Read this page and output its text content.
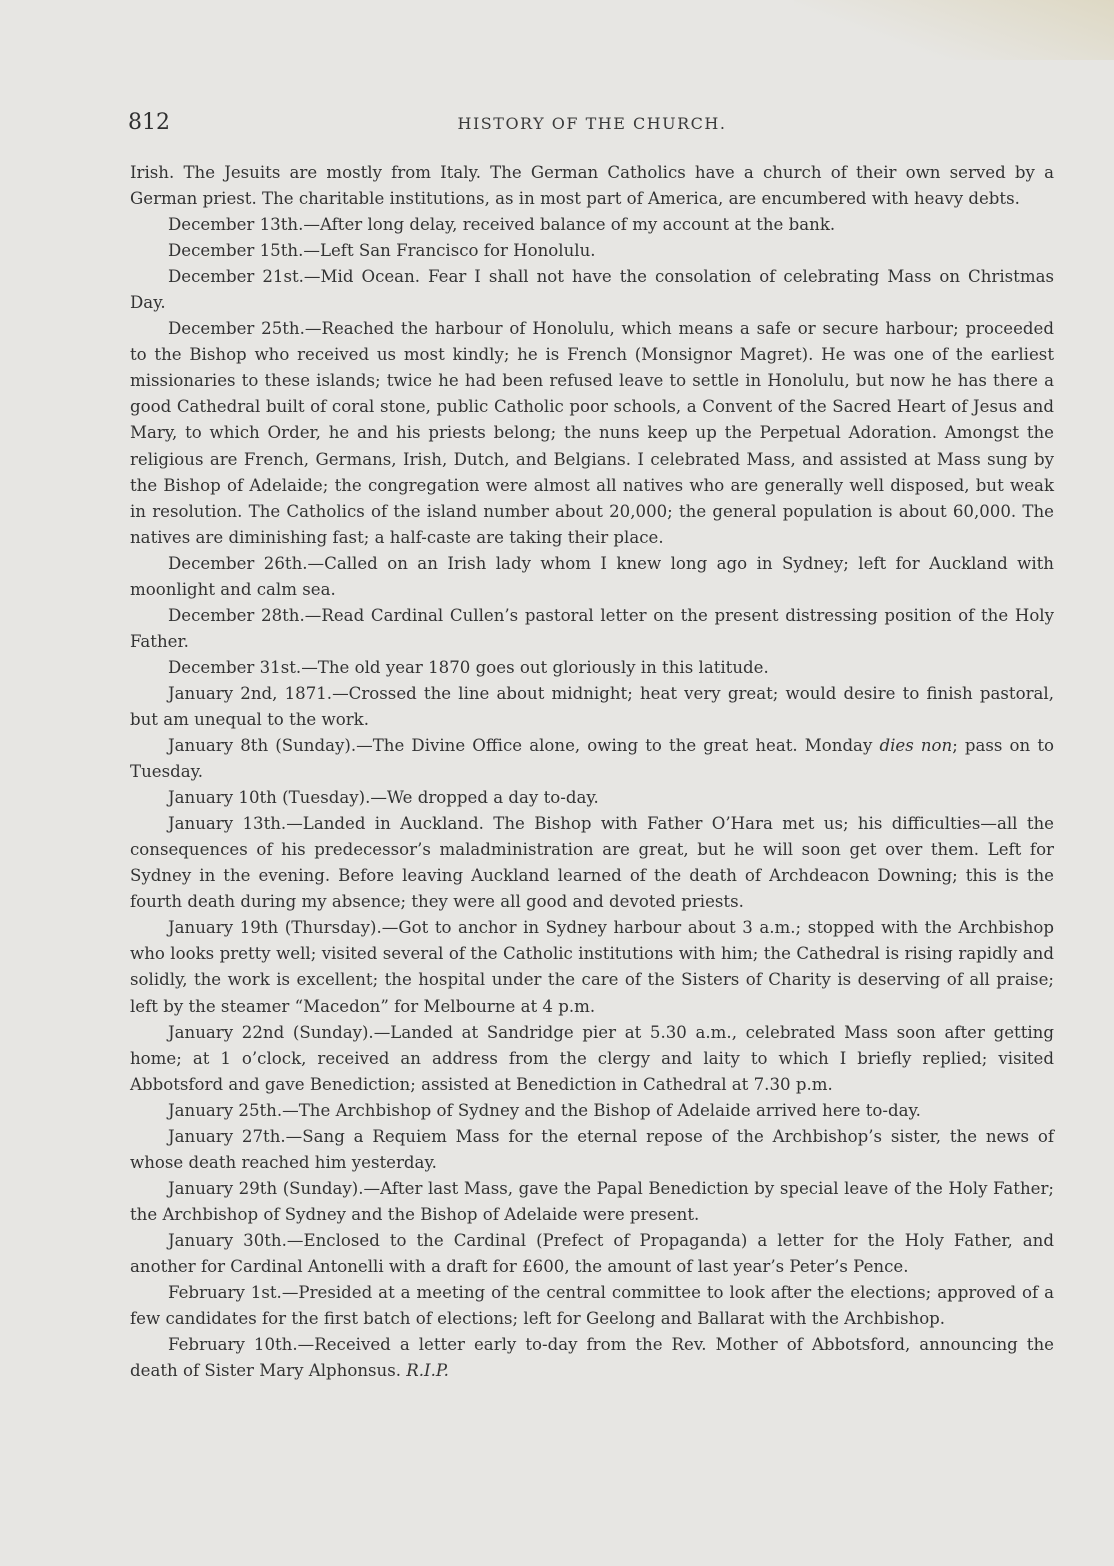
812	HISTORY OF THE CHURCH.

Irish. The Jesuits are mostly from Italy. The German Catholics have a church of their own served by a German priest. The charitable institutions, as in most part of America, are encumbered with heavy debts.

December 13th.—After long delay, received balance of my account at the bank.

December 15th.—Left San Francisco for Honolulu.

December 21st.—Mid Ocean. Fear I shall not have the consolation of celebrating Mass on Christmas Day.

December 25th.—Reached the harbour of Honolulu, which means a safe or secure harbour; proceeded to the Bishop who received us most kindly; he is French (Monsignor Magret). He was one of the earliest missionaries to these islands; twice he had been refused leave to settle in Honolulu, but now he has there a good Cathedral built of coral stone, public Catholic poor schools, a Convent of the Sacred Heart of Jesus and Mary, to which Order, he and his priests belong; the nuns keep up the Perpetual Adoration. Amongst the religious are French, Germans, Irish, Dutch, and Belgians. I celebrated Mass, and assisted at Mass sung by the Bishop of Adelaide; the congregation were almost all natives who are generally well disposed, but weak in resolution. The Catholics of the island number about 20,000; the general population is about 60,000. The natives are diminishing fast; a half-caste are taking their place.

December 26th.—Called on an Irish lady whom I knew long ago in Sydney; left for Auckland with moonlight and calm sea.

December 28th.—Read Cardinal Cullen’s pastoral letter on the present distressing position of the Holy Father.

December 31st.—The old year 1870 goes out gloriously in this latitude.

January 2nd, 1871.—Crossed the line about midnight; heat very great; would desire to finish pastoral, but am unequal to the work.

January 8th (Sunday).—The Divine Office alone, owing to the great heat. Monday dies non; pass on to Tuesday.

January 10th (Tuesday).—We dropped a day to-day.

January 13th.—Landed in Auckland. The Bishop with Father O’Hara met us; his difficulties—all the consequences of his predecessor’s maladministration are great, but he will soon get over them. Left for Sydney in the evening. Before leaving Auckland learned of the death of Archdeacon Downing; this is the fourth death during my absence; they were all good and devoted priests.

January 19th (Thursday).—Got to anchor in Sydney harbour about 3 a.m.; stopped with the Archbishop who looks pretty well; visited several of the Catholic institutions with him; the Cathedral is rising rapidly and solidly, the work is excellent; the hospital under the care of the Sisters of Charity is deserving of all praise; left by the steamer “Macedon” for Melbourne at 4 p.m.

January 22nd (Sunday).—Landed at Sandridge pier at 5.30 a.m., celebrated Mass soon after getting home; at 1 o’clock, received an address from the clergy and laity to which I briefly replied; visited Abbotsford and gave Benediction; assisted at Benediction in Cathedral at 7.30 p.m.

January 25th.—The Archbishop of Sydney and the Bishop of Adelaide arrived here to-day.

January 27th.—Sang a Requiem Mass for the eternal repose of the Archbishop’s sister, the news of whose death reached him yesterday.

January 29th (Sunday).—After last Mass, gave the Papal Benediction by special leave of the Holy Father; the Archbishop of Sydney and the Bishop of Adelaide were present.

January 30th.—Enclosed to the Cardinal (Prefect of Propaganda) a letter for the Holy Father, and another for Cardinal Antonelli with a draft for £600, the amount of last year’s Peter’s Pence.

February 1st.—Presided at a meeting of the central committee to look after the elections; approved of a few candidates for the first batch of elections; left for Geelong and Ballarat with the Archbishop.

February 10th.—Received a letter early to-day from the Rev. Mother of Abbotsford, announcing the death of Sister Mary Alphonsus. R.I.P.
